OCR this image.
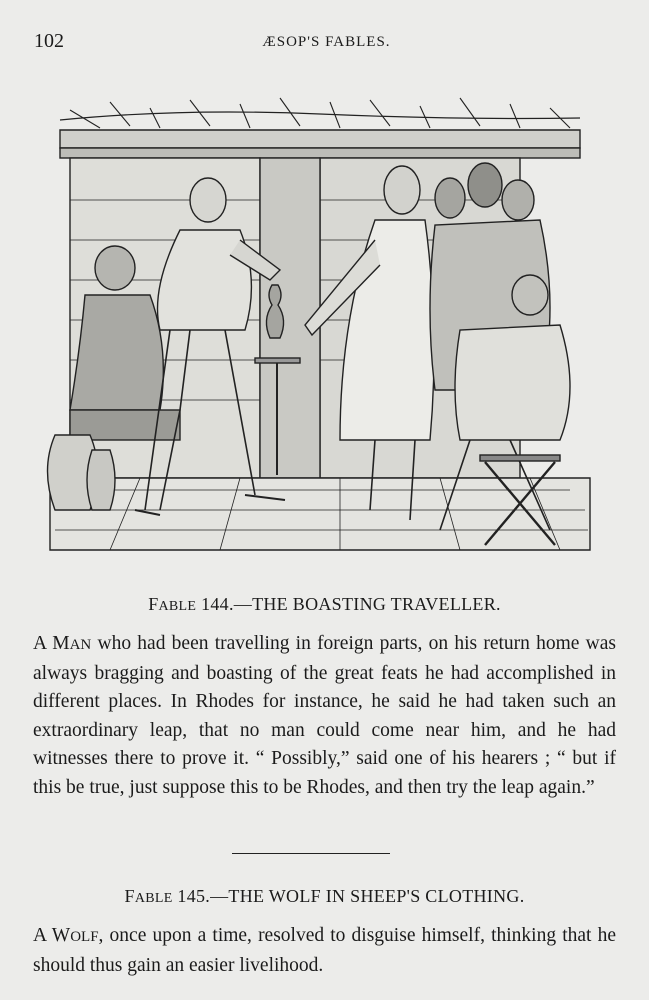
102	ÆSOP'S FABLES.
FABLE 144.—THE BOASTING TRAVELLER.

A MAN who had been travelling in foreign parts, on his return home was always bragging and boasting of the great feats he had accomplished in different places. In Rhodes for instance, he said he had taken such an extraordinary leap, that no man could come near him, and he had witnesses there to prove it. “ Possibly,” said one of his hearers ; “ but if this be true, just suppose this to be Rhodes, and then try the leap again.”

FABLE 145.—THE WOLF IN SHEEP'S CLOTHING.

A WOLF, once upon a time, resolved to disguise himself, thinking that he should thus gain an easier livelihood.
